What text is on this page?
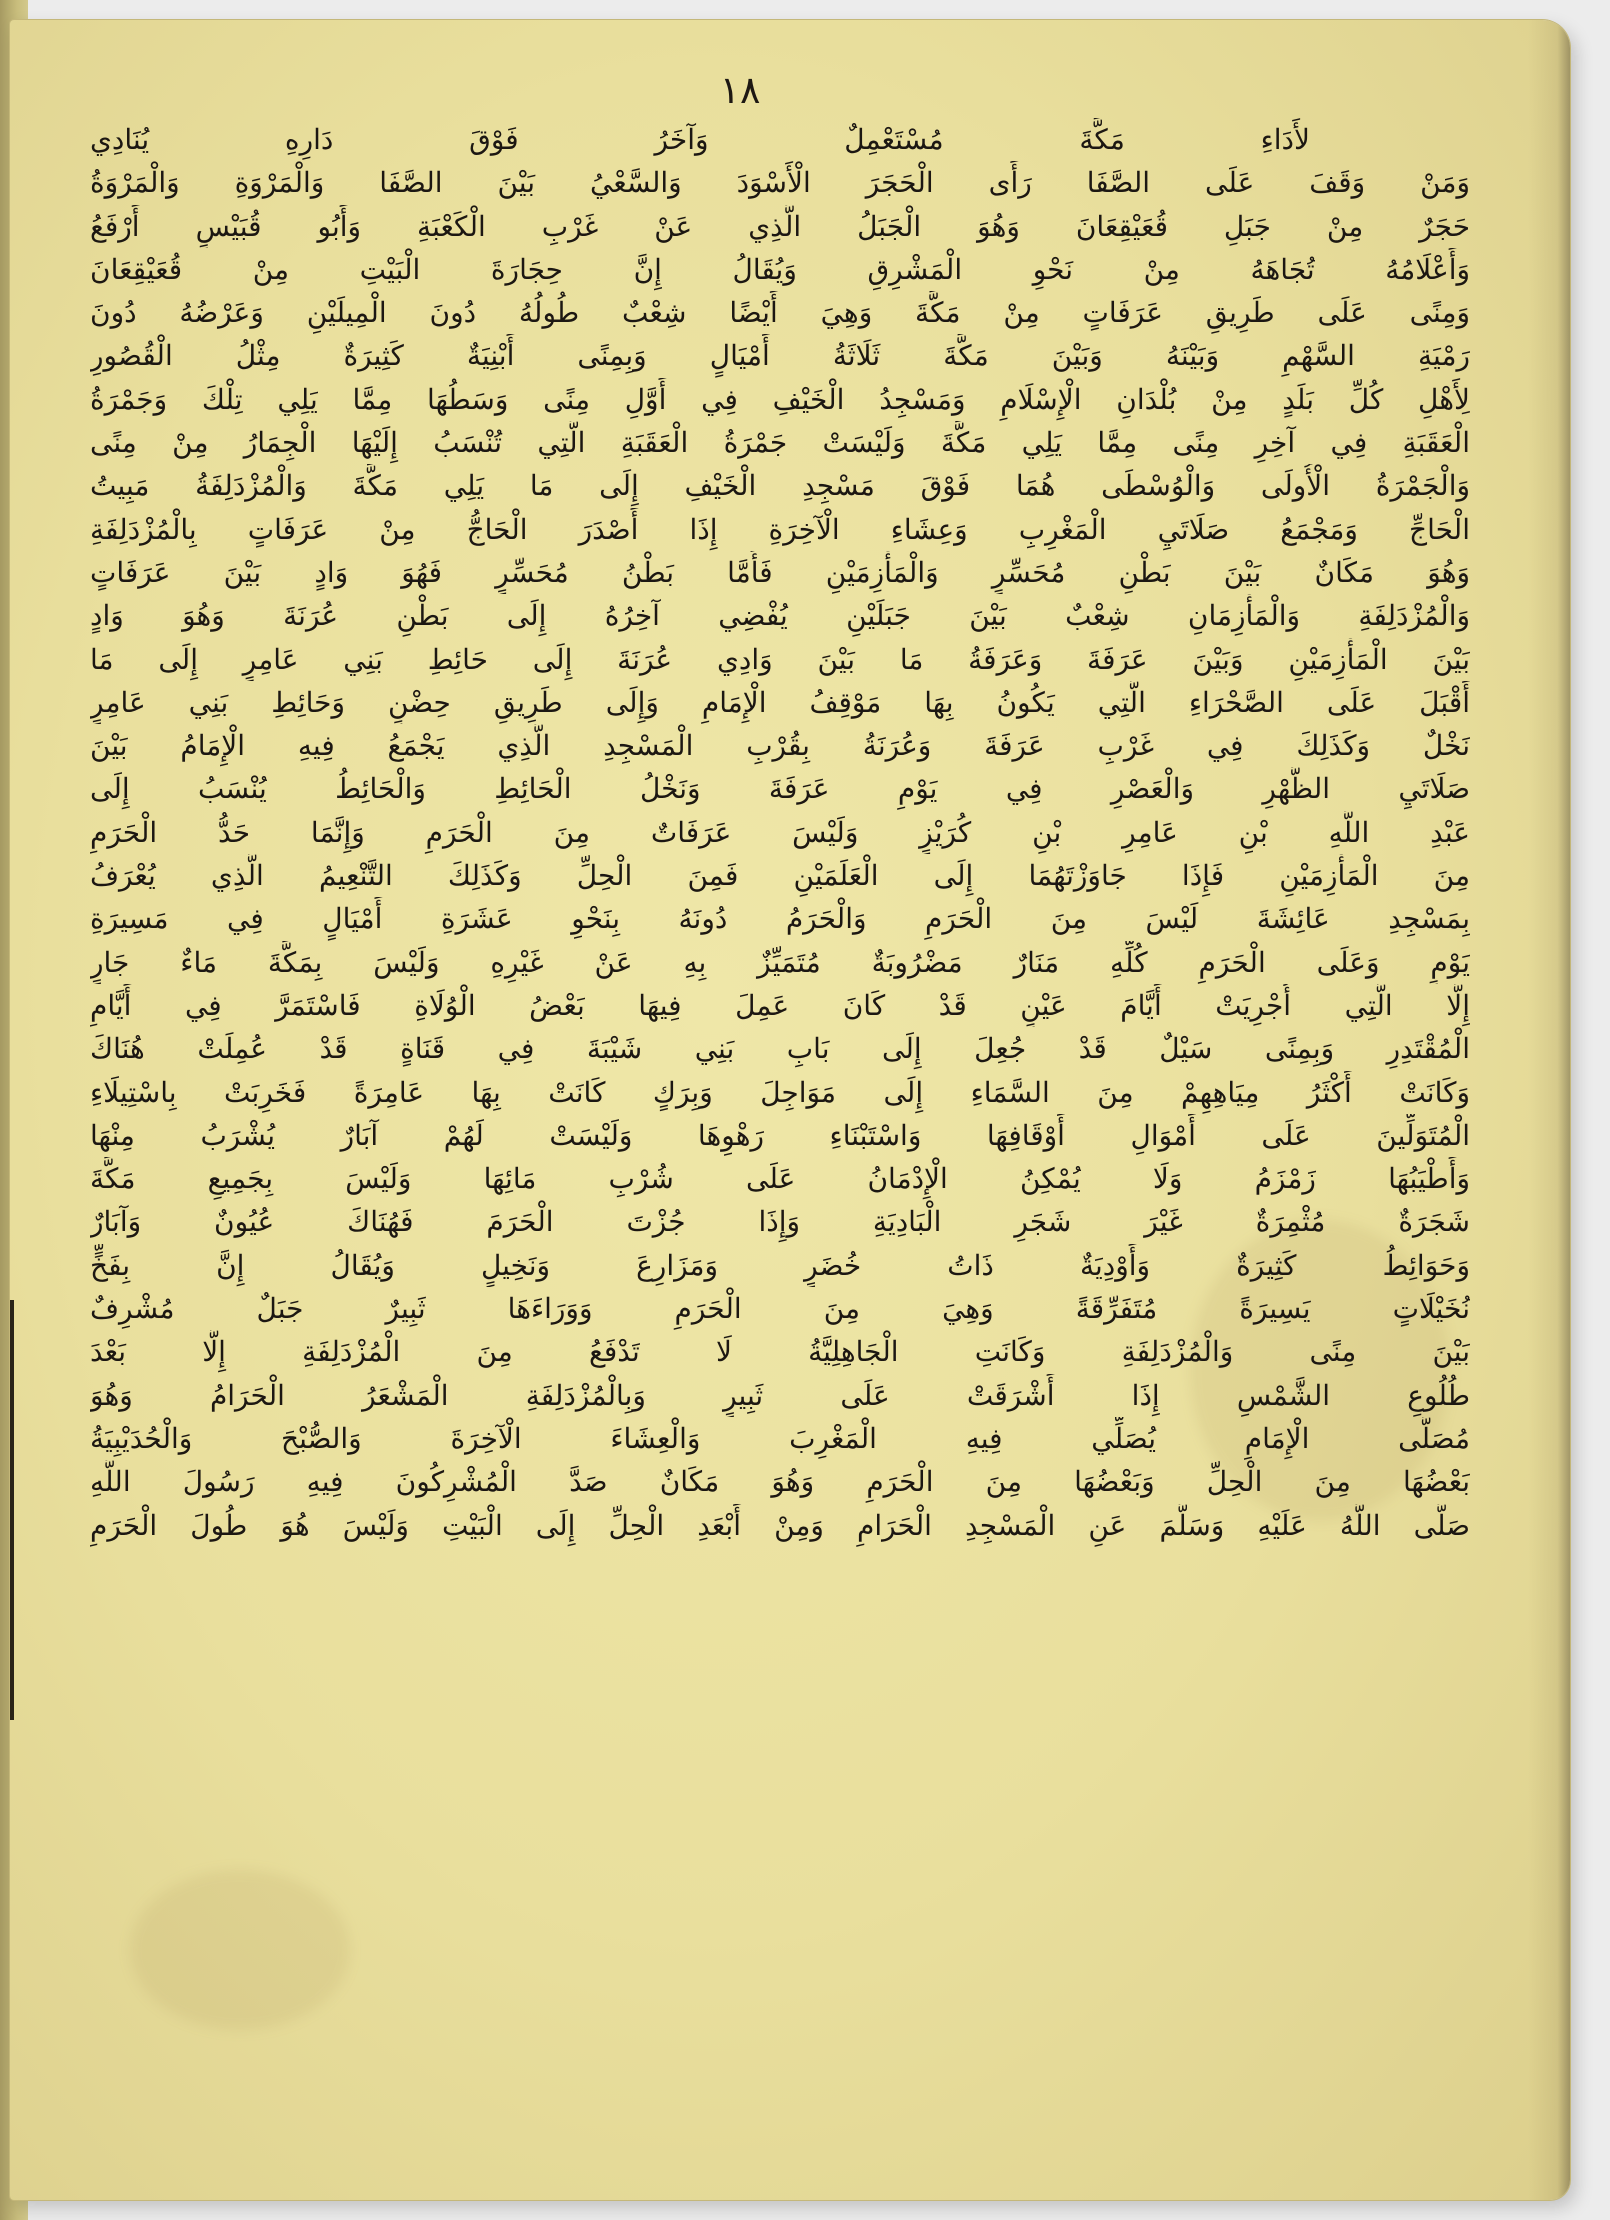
١٨
لأَدَاءِ مَكَّةَ مُسْتَعْمِلٌ وَآخَرُ فَوْقَ دَارِهِ يُنَادِي
وَمَنْ وَقَفَ عَلَى الصَّفَا رَأَى الْحَجَرَ الْأَسْوَدَ وَالسَّعْيُ بَيْنَ الصَّفَا وَالْمَرْوَةِ وَالْمَرْوَةُ
حَجَرٌ مِنْ جَبَلِ قُعَيْقِعَانَ وَهُوَ الْجَبَلُ الَّذِي عَنْ غَرْبِ الْكَعْبَةِ وَأَبُو قُبَيْسٍ أَرْفَعُ
وَأَعْلَامُهُ تُجَاهَهُ مِنْ نَحْوِ الْمَشْرِقِ وَيُقَالُ إِنَّ حِجَارَةَ الْبَيْتِ مِنْ قُعَيْقِعَانَ
وَمِنًى عَلَى طَرِيقِ عَرَفَاتٍ مِنْ مَكَّةَ وَهِيَ أَيْضًا شِعْبٌ طُولُهُ دُونَ الْمِيلَيْنِ وَعَرْضُهُ دُونَ
رَمْيَةِ السَّهْمِ وَبَيْنَهُ وَبَيْنَ مَكَّةَ ثَلَاثَةُ أَمْيَالٍ وَبِمِنًى أَبْنِيَةٌ كَثِيرَةٌ مِثْلُ الْقُصُورِ
لِأَهْلِ كُلِّ بَلَدٍ مِنْ بُلْدَانِ الْإِسْلَامِ وَمَسْجِدُ الْخَيْفِ فِي أَوَّلِ مِنًى وَسَطُهَا مِمَّا يَلِي تِلْكَ وَجَمْرَةُ
الْعَقَبَةِ فِي آخِرِ مِنًى مِمَّا يَلِي مَكَّةَ وَلَيْسَتْ جَمْرَةُ الْعَقَبَةِ الَّتِي تُنْسَبُ إِلَيْهَا الْجِمَارُ مِنْ مِنًى
وَالْجَمْرَةُ الْأُولَى وَالْوُسْطَى هُمَا فَوْقَ مَسْجِدِ الْخَيْفِ إِلَى مَا يَلِي مَكَّةَ وَالْمُزْدَلِفَةُ مَبِيتُ
الْحَاجِّ وَمَجْمَعُ صَلَاتَيِ الْمَغْرِبِ وَعِشَاءِ الْآخِرَةِ إِذَا أَصْدَرَ الْحَاجُّ مِنْ عَرَفَاتٍ بِالْمُزْدَلِفَةِ
وَهُوَ مَكَانٌ بَيْنَ بَطْنِ مُحَسِّرٍ وَالْمَأْزِمَيْنِ فَأَمَّا بَطْنُ مُحَسِّرٍ فَهُوَ وَادٍ بَيْنَ عَرَفَاتٍ
وَالْمُزْدَلِفَةِ وَالْمَأْزِمَانِ شِعْبٌ بَيْنَ جَبَلَيْنِ يُفْضِي آخِرُهُ إِلَى بَطْنِ عُرَنَةَ وَهُوَ وَادٍ
بَيْنَ الْمَأْزِمَيْنِ وَبَيْنَ عَرَفَةَ وَعَرَفَةُ مَا بَيْنَ وَادِي عُرَنَةَ إِلَى حَائِطِ بَنِي عَامِرٍ إِلَى مَا
أَقْبَلَ عَلَى الصَّحْرَاءِ الَّتِي يَكُونُ بِهَا مَوْقِفُ الْإِمَامِ وَإِلَى طَرِيقِ حِضْنٍ وَحَائِطِ بَنِي عَامِرٍ
نَخْلٌ وَكَذَلِكَ فِي غَرْبِ عَرَفَةَ وَعُرَنَةُ بِقُرْبِ الْمَسْجِدِ الَّذِي يَجْمَعُ فِيهِ الْإِمَامُ بَيْنَ
صَلَاتَيِ الظُّهْرِ وَالْعَصْرِ فِي يَوْمِ عَرَفَةَ وَنَخْلُ الْحَائِطِ وَالْحَائِطُ يُنْسَبُ إِلَى
عَبْدِ اللَّهِ بْنِ عَامِرِ بْنِ كُرَيْزٍ وَلَيْسَ عَرَفَاتٌ مِنَ الْحَرَمِ وَإِنَّمَا حَدُّ الْحَرَمِ
مِنَ الْمَأْزِمَيْنِ فَإِذَا جَاوَزْتَهُمَا إِلَى الْعَلَمَيْنِ فَمِنَ الْحِلِّ وَكَذَلِكَ التَّنْعِيمُ الَّذِي يُعْرَفُ
بِمَسْجِدِ عَائِشَةَ لَيْسَ مِنَ الْحَرَمِ وَالْحَرَمُ دُونَهُ بِنَحْوِ عَشَرَةِ أَمْيَالٍ فِي مَسِيرَةِ
يَوْمٍ وَعَلَى الْحَرَمِ كُلِّهِ مَنَارٌ مَضْرُوبَةٌ مُتَمَيِّزٌ بِهِ عَنْ غَيْرِهِ وَلَيْسَ بِمَكَّةَ مَاءٌ جَارٍ
إِلَّا الَّتِي أُجْرِيَتْ أَيَّامَ عَيْنٍ قَدْ كَانَ عَمِلَ فِيهَا بَعْضُ الْوُلَاةِ فَاسْتَمَرَّ فِي أَيَّامِ
الْمُقْتَدِرِ وَبِمِنًى سَيْلٌ قَدْ جُعِلَ إِلَى بَابِ بَنِي شَيْبَةَ فِي قَنَاةٍ قَدْ عُمِلَتْ هُنَاكَ
وَكَانَتْ أَكْثَرُ مِيَاهِهِمْ مِنَ السَّمَاءِ إِلَى مَوَاجِلَ وَبِرَكٍ كَانَتْ بِهَا عَامِرَةً فَخَرِبَتْ بِاسْتِيلَاءِ
الْمُتَوَلِّينَ عَلَى أَمْوَالِ أَوْقَافِهَا وَاسْتَبْنَاءِ رَهْوِهَا وَلَيْسَتْ لَهُمْ آبَارٌ يُشْرَبُ مِنْهَا
وَأَطْيَبُهَا زَمْزَمُ وَلَا يُمْكِنُ الْإِدْمَانُ عَلَى شُرْبِ مَائِهَا وَلَيْسَ بِجَمِيعِ مَكَّةَ
شَجَرَةٌ مُثْمِرَةٌ غَيْرَ شَجَرِ الْبَادِيَةِ وَإِذَا جُزْتَ الْحَرَمَ فَهُنَاكَ عُيُونٌ وَآبَارٌ
وَحَوَائِطُ كَثِيرَةٌ وَأَوْدِيَةٌ ذَاتُ خُضَرٍ وَمَزَارِعَ وَنَخِيلٍ وَيُقَالُ إِنَّ بِفَخٍّ
نُخَيْلَاتٍ يَسِيرَةً مُتَفَرِّقَةً وَهِيَ مِنَ الْحَرَمِ وَوَرَاءَهَا ثَبِيرٌ جَبَلٌ مُشْرِفٌ
بَيْنَ مِنًى وَالْمُزْدَلِفَةِ وَكَانَتِ الْجَاهِلِيَّةُ لَا تَدْفَعُ مِنَ الْمُزْدَلِفَةِ إِلَّا بَعْدَ
طُلُوعِ الشَّمْسِ إِذَا أَشْرَقَتْ عَلَى ثَبِيرٍ وَبِالْمُزْدَلِفَةِ الْمَشْعَرُ الْحَرَامُ وَهُوَ
مُصَلَّى الْإِمَامِ يُصَلِّي فِيهِ الْمَغْرِبَ وَالْعِشَاءَ الْآخِرَةَ وَالصُّبْحَ وَالْحُدَيْبِيَةُ
بَعْضُهَا مِنَ الْحِلِّ وَبَعْضُهَا مِنَ الْحَرَمِ وَهُوَ مَكَانٌ صَدَّ الْمُشْرِكُونَ فِيهِ رَسُولَ اللَّهِ
صَلَّى اللَّهُ عَلَيْهِ وَسَلَّمَ عَنِ الْمَسْجِدِ الْحَرَامِ وَمِنْ أَبْعَدِ الْحِلِّ إِلَى الْبَيْتِ وَلَيْسَ هُوَ طُولَ الْحَرَمِ
